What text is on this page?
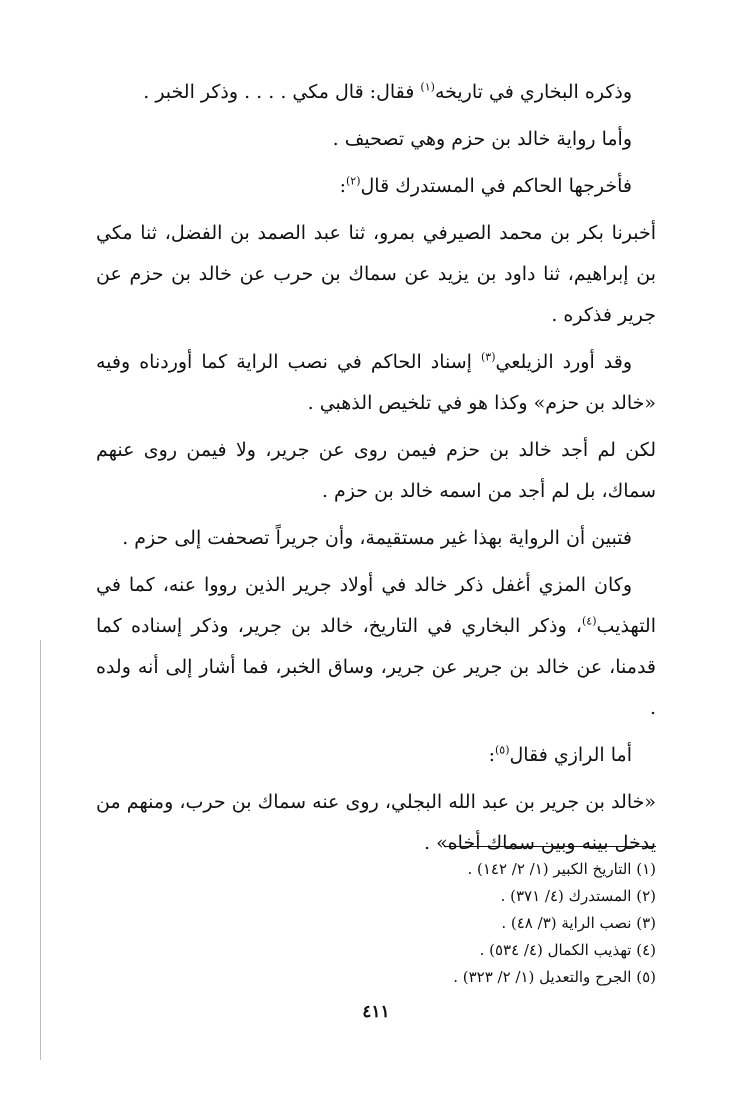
وذكره البخاري في تاريخه$^{(١)}$ فقال: قال مكي . . . . وذكر الخبر .

وأما رواية خالد بن حزم وهي تصحيف .

فأخرجها الحاكم في المستدرك قال$^{(٢)}$:

أخبرنا بكر بن محمد الصيرفي بمرو، ثنا عبد الصمد بن الفضل، ثنا مكي بن إبراهيم، ثنا داود بن يزيد عن سماك بن حرب عن خالد بن حزم عن جرير فذكره .

وقد أورد الزيلعي$^{(٣)}$ إسناد الحاكم في نصب الراية كما أوردناه وفيه «خالد بن حزم» وكذا هو في تلخيص الذهبي .

لكن لم أجد خالد بن حزم فيمن روى عن جرير، ولا فيمن روى عنهم سماك، بل لم أجد من اسمه خالد بن حزم .

فتبين أن الرواية بهذا غير مستقيمة، وأن جريراً تصحفت إلى حزم .

وكان المزي أغفل ذكر خالد في أولاد جرير الذين رووا عنه، كما في التهذيب$^{(٤)}$، وذكر البخاري في التاريخ، خالد بن جرير، وذكر إسناده كما قدمنا، عن خالد بن جرير عن جرير، وساق الخبر، فما أشار إلى أنه ولده .

أما الرازي فقال$^{(٥)}$:

«خالد بن جرير بن عبد الله البجلي، روى عنه سماك بن حرب، ومنهم من يدخل بينه وبين سماك أخاه» .

(١) التاريخ الكبير (١/ ٢/ ١٤٢) .

(٢) المستدرك (٤/ ٣٧١) .

(٣) نصب الراية (٣/ ٤٨) .

(٤) تهذيب الكمال (٤/ ٥٣٤) .

(٥) الجرح والتعديل (١/ ٢/ ٣٢٣) .

٤١١
